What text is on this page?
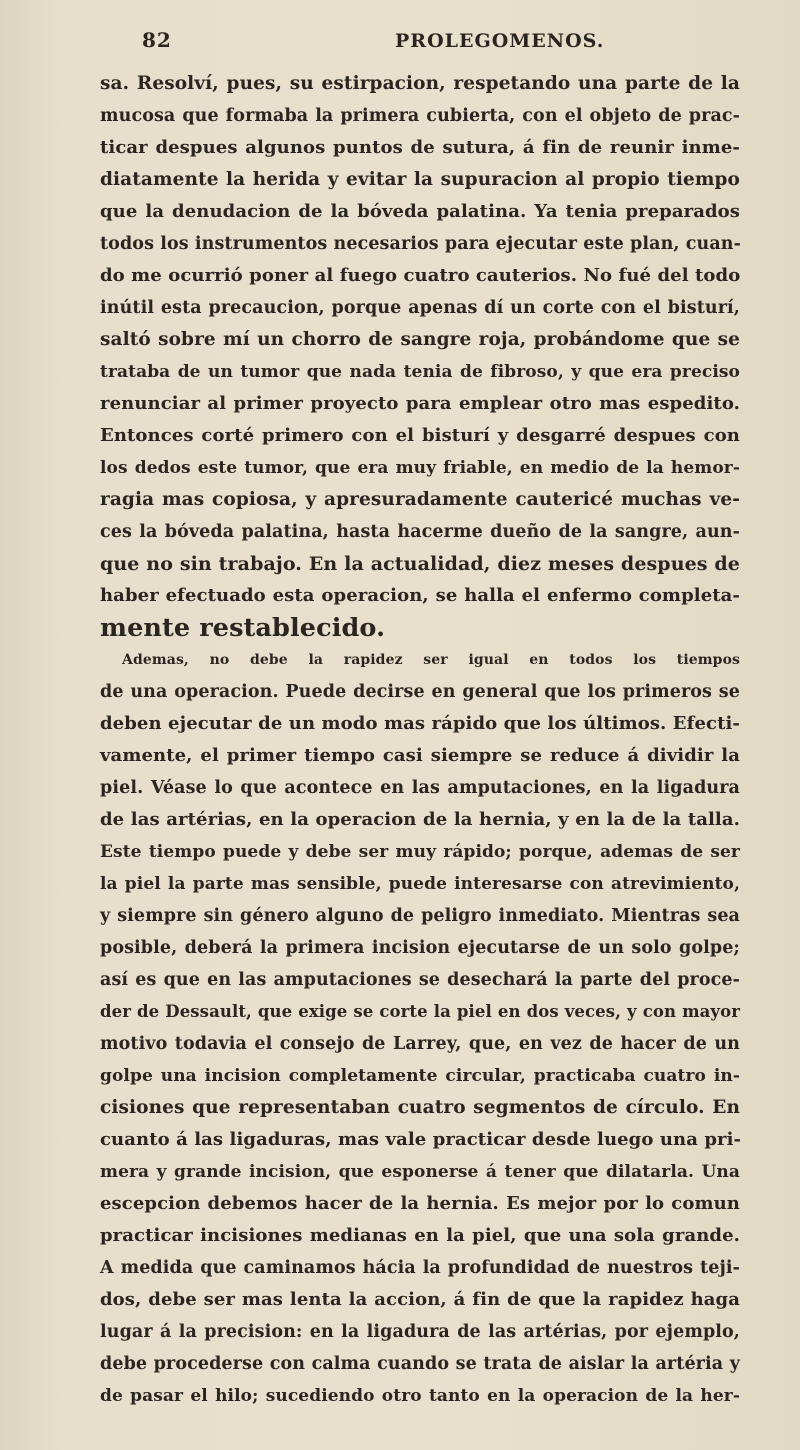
82	PROLEGOMENOS.
sa. Resolví, pues, su estirpacion, respetando una parte de la
mucosa que formaba la primera cubierta, con el objeto de prac-
ticar despues algunos puntos de sutura, á fin de reunir inme-
diatamente la herida y evitar la supuracion al propio tiempo
que la denudacion de la bóveda palatina. Ya tenia preparados
todos los instrumentos necesarios para ejecutar este plan, cuan-
do me ocurrió poner al fuego cuatro cauterios. No fué del todo
inútil esta precaucion, porque apenas dí un corte con el bisturí,
saltó sobre mí un chorro de sangre roja, probándome que se
trataba de un tumor que nada tenia de fibroso, y que era preciso
renunciar al primer proyecto para emplear otro mas espedito.
Entonces corté primero con el bisturí y desgarré despues con
los dedos este tumor, que era muy friable, en medio de la hemor-
ragia mas copiosa, y apresuradamente cautericé muchas ve-
ces la bóveda palatina, hasta hacerme dueño de la sangre, aun-
que no sin trabajo. En la actualidad, diez meses despues de
haber efectuado esta operacion, se halla el enfermo completa-
mente restablecido.
Ademas, no debe la rapidez ser igual en todos los tiempos
de una operacion. Puede decirse en general que los primeros se
deben ejecutar de un modo mas rápido que los últimos. Efecti-
vamente, el primer tiempo casi siempre se reduce á dividir la
piel. Véase lo que acontece en las amputaciones, en la ligadura
de las artérias, en la operacion de la hernia, y en la de la talla.
Este tiempo puede y debe ser muy rápido; porque, ademas de ser
la piel la parte mas sensible, puede interesarse con atrevimiento,
y siempre sin género alguno de peligro inmediato. Mientras sea
posible, deberá la primera incision ejecutarse de un solo golpe;
así es que en las amputaciones se desechará la parte del proce-
der de Dessault, que exige se corte la piel en dos veces, y con mayor
motivo todavia el consejo de Larrey, que, en vez de hacer de un
golpe una incision completamente circular, practicaba cuatro in-
cisiones que representaban cuatro segmentos de círculo. En
cuanto á las ligaduras, mas vale practicar desde luego una pri-
mera y grande incision, que esponerse á tener que dilatarla. Una
escepcion debemos hacer de la hernia. Es mejor por lo comun
practicar incisiones medianas en la piel, que una sola grande.
A medida que caminamos hácia la profundidad de nuestros teji-
dos, debe ser mas lenta la accion, á fin de que la rapidez haga
lugar á la precision: en la ligadura de las artérias, por ejemplo,
debe procederse con calma cuando se trata de aislar la artéria y
de pasar el hilo; sucediendo otro tanto en la operacion de la her-
